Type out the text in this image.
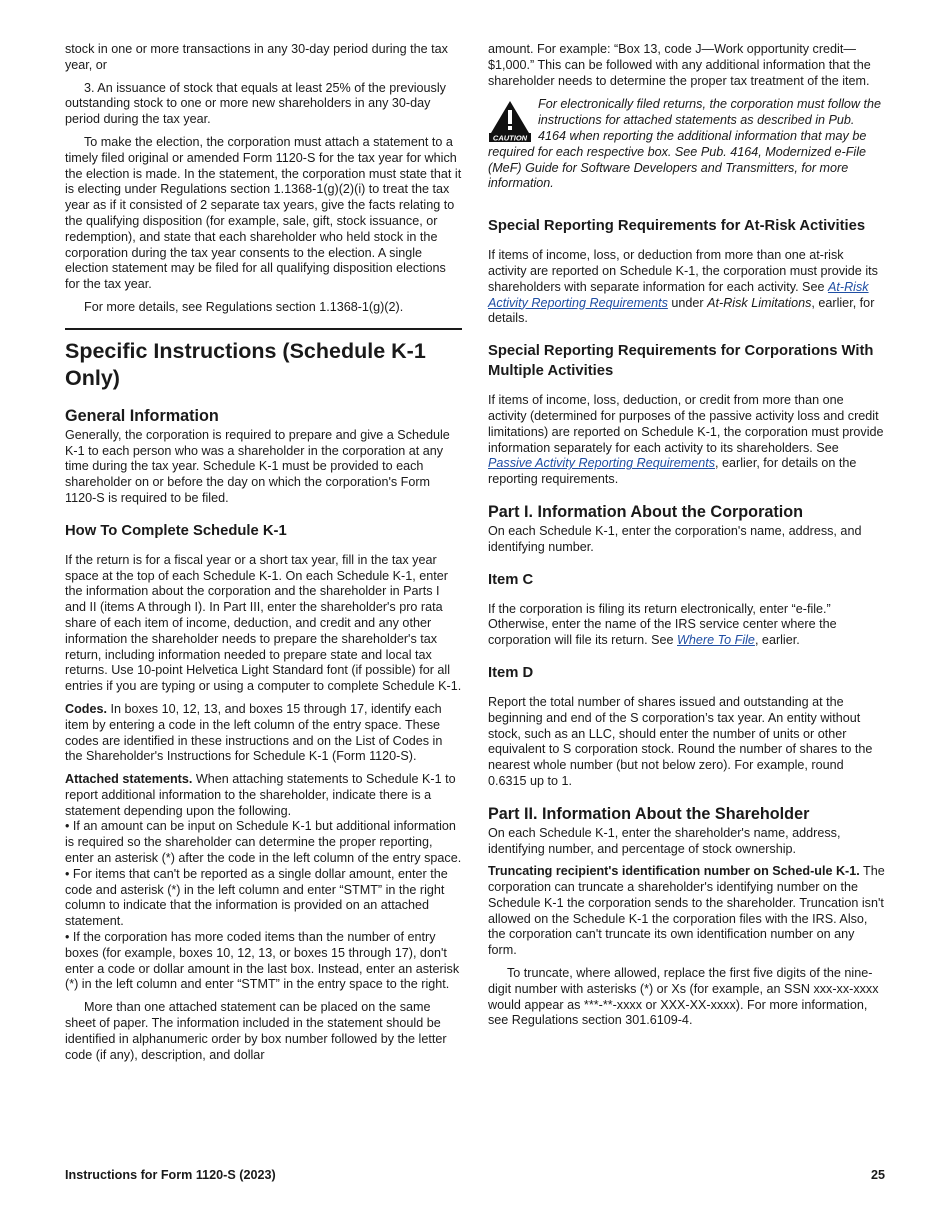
stock in one or more transactions in any 30-day period during the tax year, or

3. An issuance of stock that equals at least 25% of the previously outstanding stock to one or more new shareholders in any 30-day period during the tax year.

To make the election, the corporation must attach a statement to a timely filed original or amended Form 1120-S for the tax year for which the election is made. In the statement, the corporation must state that it is electing under Regulations section 1.1368-1(g)(2)(i) to treat the tax year as if it consisted of 2 separate tax years, give the facts relating to the qualifying disposition (for example, sale, gift, stock issuance, or redemption), and state that each shareholder who held stock in the corporation during the tax year consents to the election. A single election statement may be filed for all qualifying disposition elections for the tax year.

For more details, see Regulations section 1.1368-1(g)(2).

Specific Instructions (Schedule K-1 Only)
General Information

Generally, the corporation is required to prepare and give a Schedule K-1 to each person who was a shareholder in the corporation at any time during the tax year. Schedule K-1 must be provided to each shareholder on or before the day on which the corporation's Form 1120-S is required to be filed.

How To Complete Schedule K-1

If the return is for a fiscal year or a short tax year, fill in the tax year space at the top of each Schedule K-1. On each Schedule K-1, enter the information about the corporation and the shareholder in Parts I and II (items A through I). In Part III, enter the shareholder's pro rata share of each item of income, deduction, and credit and any other information the shareholder needs to prepare the shareholder's tax return, including information needed to prepare state and local tax returns. Use 10-point Helvetica Light Standard font (if possible) for all entries if you are typing or using a computer to complete Schedule K-1.

Codes. In boxes 10, 12, 13, and boxes 15 through 17, identify each item by entering a code in the left column of the entry space. These codes are identified in these instructions and on the List of Codes in the Shareholder's Instructions for Schedule K-1 (Form 1120-S).

Attached statements. When attaching statements to Schedule K-1 to report additional information to the shareholder, indicate there is a statement depending upon the following.

• If an amount can be input on Schedule K-1 but additional information is required so the shareholder can determine the proper reporting, enter an asterisk (*) after the code in the left column of the entry space.
• For items that can't be reported as a single dollar amount, enter the code and asterisk (*) in the left column and enter “STMT” in the right column to indicate that the information is provided on an attached statement.
• If the corporation has more coded items than the number of entry boxes (for example, boxes 10, 12, 13, or boxes 15 through 17), don't enter a code or dollar amount in the last box. Instead, enter an asterisk (*) in the left column and enter “STMT” in the entry space to the right.

More than one attached statement can be placed on the same sheet of paper. The information included in the statement should be identified in alphanumeric order by box number followed by the letter code (if any), description, and dollar

amount. For example: “Box 13, code J—Work opportunity credit—$1,000.” This can be followed with any additional information that the shareholder needs to determine the proper tax treatment of the item.

CAUTION
For electronically filed returns, the corporation must follow the instructions for attached statements as described in Pub. 4164 when reporting the additional information that may be required for each respective box. See Pub. 4164, Modernized e-File (MeF) Guide for Software Developers and Transmitters, for more information.
Special Reporting Requirements for At-Risk Activities

If items of income, loss, or deduction from more than one at-risk activity are reported on Schedule K-1, the corporation must provide its shareholders with separate information for each activity. See At-Risk Activity Reporting Requirements under At-Risk Limitations, earlier, for details.

Special Reporting Requirements for Corporations With Multiple Activities

If items of income, loss, deduction, or credit from more than one activity (determined for purposes of the passive activity loss and credit limitations) are reported on Schedule K-1, the corporation must provide information separately for each activity to its shareholders. See Passive Activity Reporting Requirements, earlier, for details on the reporting requirements.

Part I. Information About the Corporation

On each Schedule K-1, enter the corporation's name, address, and identifying number.

Item C

If the corporation is filing its return electronically, enter “e-file.” Otherwise, enter the name of the IRS service center where the corporation will file its return. See Where To File, earlier.

Item D

Report the total number of shares issued and outstanding at the beginning and end of the S corporation’s tax year. An entity without stock, such as an LLC, should enter the number of units or other equivalent to S corporation stock. Round the number of shares to the nearest whole number (but not below zero). For example, round 0.6315 up to 1.

Part II. Information About the Shareholder

On each Schedule K-1, enter the shareholder's name, address, identifying number, and percentage of stock ownership.

Truncating recipient's identification number on Sched-ule K-1. The corporation can truncate a shareholder's identifying number on the Schedule K-1 the corporation sends to the shareholder. Truncation isn't allowed on the Schedule K-1 the corporation files with the IRS. Also, the corporation can't truncate its own identification number on any form.

To truncate, where allowed, replace the first five digits of the nine-digit number with asterisks (*) or Xs (for example, an SSN xxx-xx-xxxx would appear as ***-**-xxxx or XXX-XX-xxxx). For more information, see Regulations section 301.6109-4.

Instructions for Form 1120-S (2023)	25
